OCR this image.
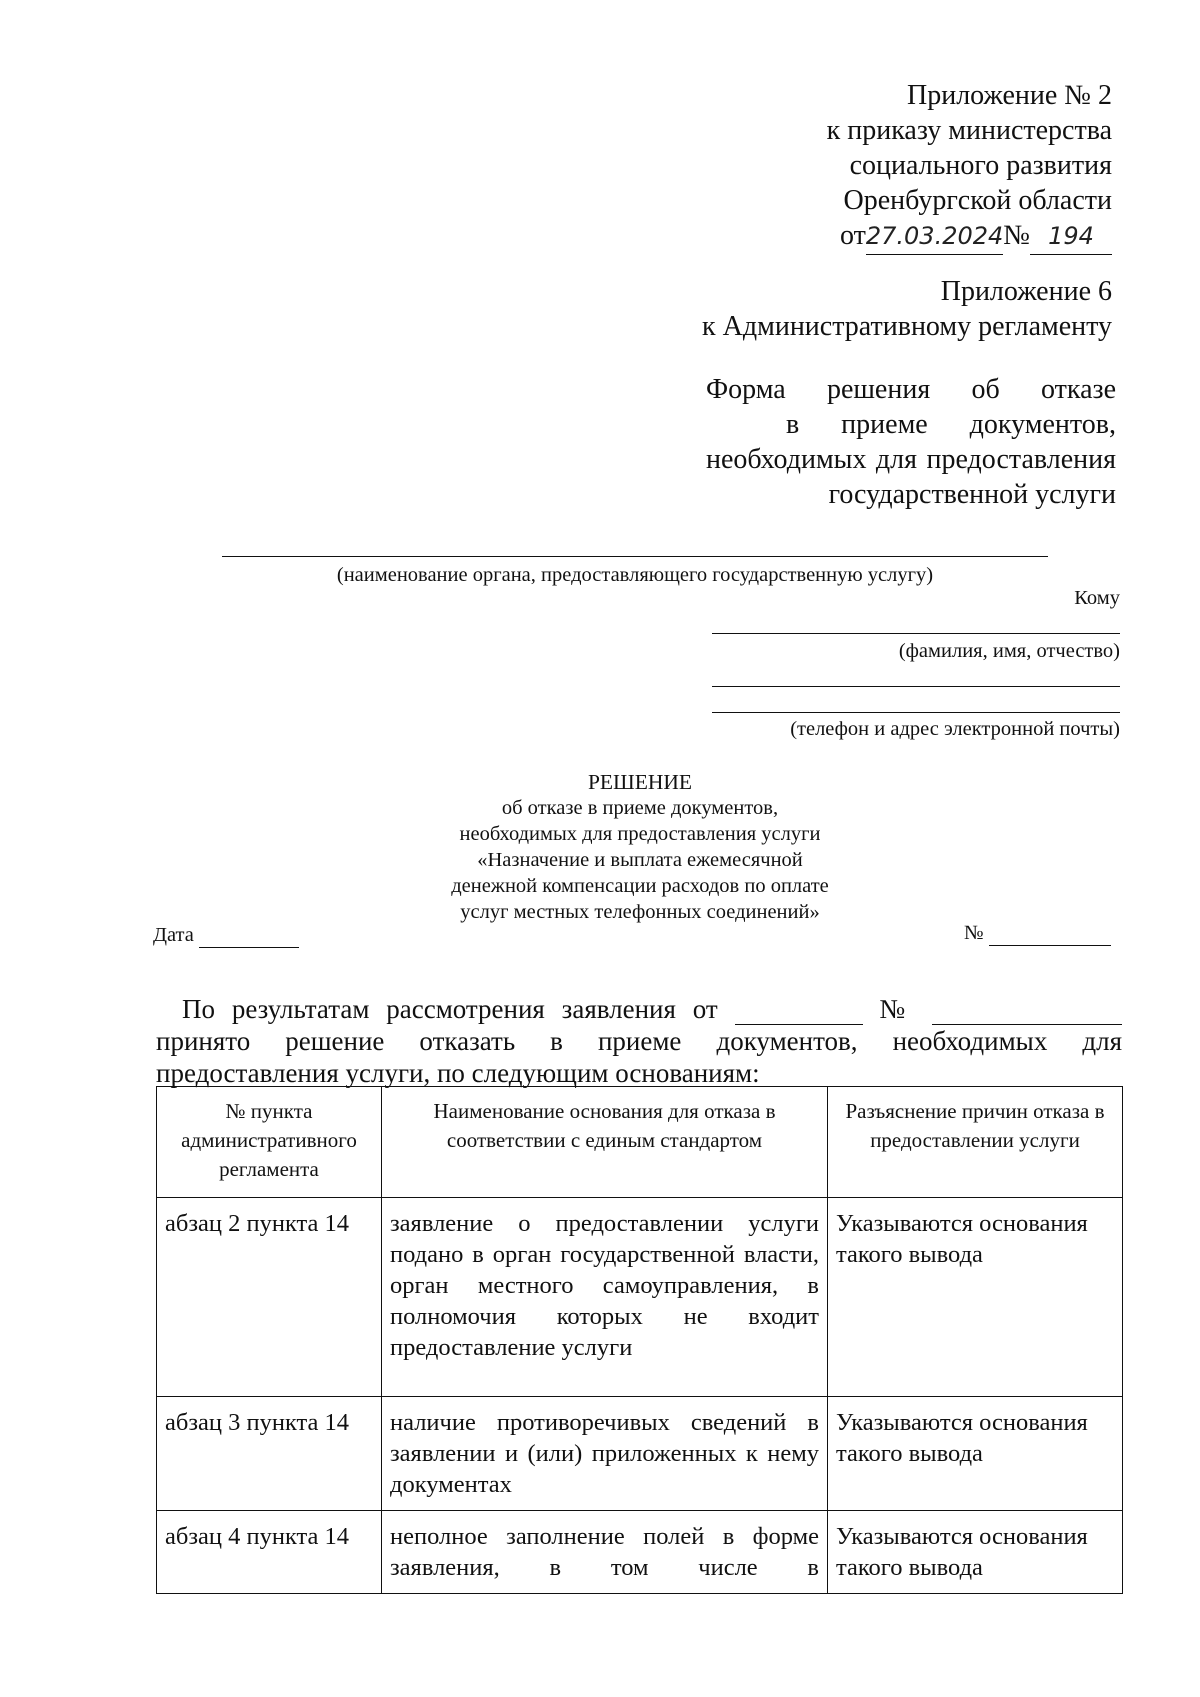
Приложение № 2
к приказу министерства
социального развития
Оренбургской области
от27.03.2024№ 194
Приложение 6
к Административному регламенту
Форма решения об отказе
в приеме документов,
необходимых для предоставления
государственной услуги
(наименование органа, предоставляющего государственную услугу)
Кому
(фамилия, имя, отчество)
(телефон и адрес электронной почты)
РЕШЕНИЕ
об отказе в приеме документов,
необходимых для предоставления услуги
«Назначение и выплата ежемесячной
денежной компенсации расходов по оплате
услуг местных телефонных соединений»
Дата	№
По результатам рассмотрения заявления от	№
принято решение отказать в приеме документов, необходимых для
предоставления услуги, по следующим основаниям:
№ пункта административного регламента	Наименование основания для отказа в соответствии с единым стандартом	Разъяснение причин отказа в предоставлении услуги
абзац 2 пункта 14	заявление о предоставлении услуги подано в орган государственной власти, орган местного самоуправления, в полномочия которых не входит предоставление услуги	Указываются основания такого вывода
абзац 3 пункта 14	наличие противоречивых сведений в заявлении и (или) приложенных к нему документах	Указываются основания такого вывода
абзац 4 пункта 14	неполное заполнение полей в форме заявления, в том числе в	Указываются основания такого вывода
